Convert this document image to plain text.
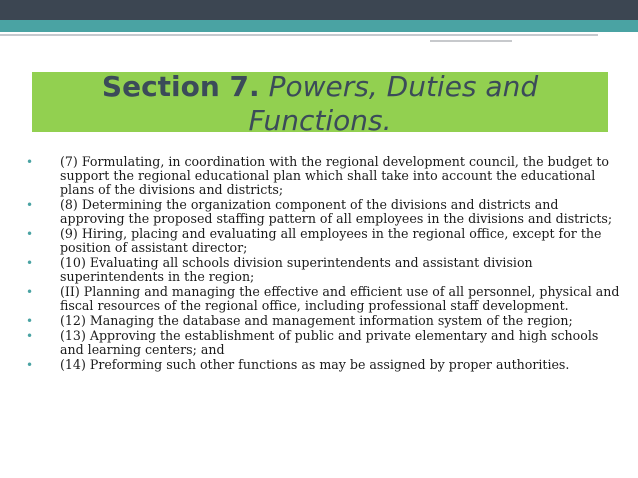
Section 7. Powers, Duties and Functions.
• (7) Formulating, in coordination with the regional development council, the budget to support the regional educational plan which shall take into account the educational plans of the divisions and districts;
• (8) Determining the organization component of the divisions and districts and approving the proposed staffing pattern of all employees in the divisions and districts;
• (9) Hiring, placing and evaluating all employees in the regional office, except for the position of assistant director;
• (10) Evaluating all schools division superintendents and assistant division superintendents in the region;
• (II) Planning and managing the effective and efficient use of all personnel, physical and fiscal resources of the regional office, including professional staff development.
• (12) Managing the database and management information system of the region;
• (13) Approving the establishment of public and private elementary and high schools and learning centers; and
• (14) Preforming such other functions as may be assigned by proper authorities.
